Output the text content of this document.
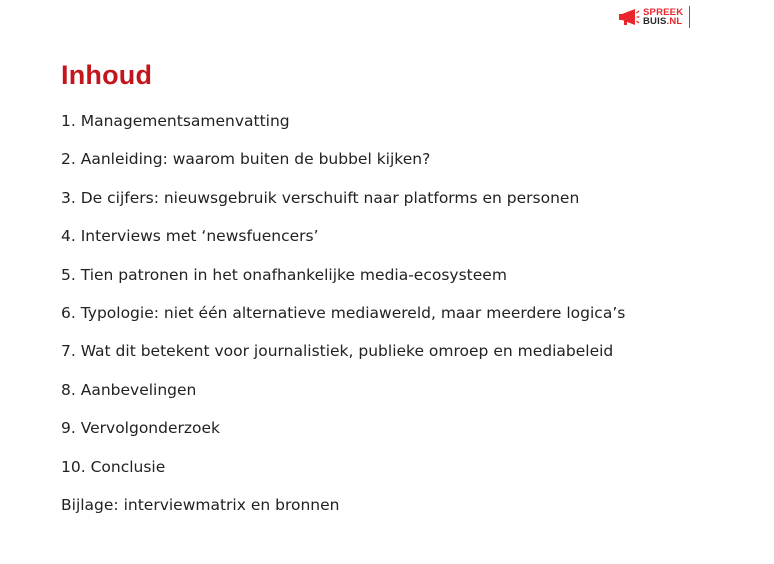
SPREEK
BUIS.NL
Inhoud
1. Managementsamenvatting
2. Aanleiding: waarom buiten de bubbel kijken?
3. De cijfers: nieuwsgebruik verschuift naar platforms en personen
4. Interviews met ‘newsfuencers’
5. Tien patronen in het onafhankelijke media-ecosysteem
6. Typologie: niet één alternatieve mediawereld, maar meerdere logica’s
7. Wat dit betekent voor journalistiek, publieke omroep en mediabeleid
8. Aanbevelingen
9. Vervolgonderzoek
10. Conclusie
Bijlage: interviewmatrix en bronnen
